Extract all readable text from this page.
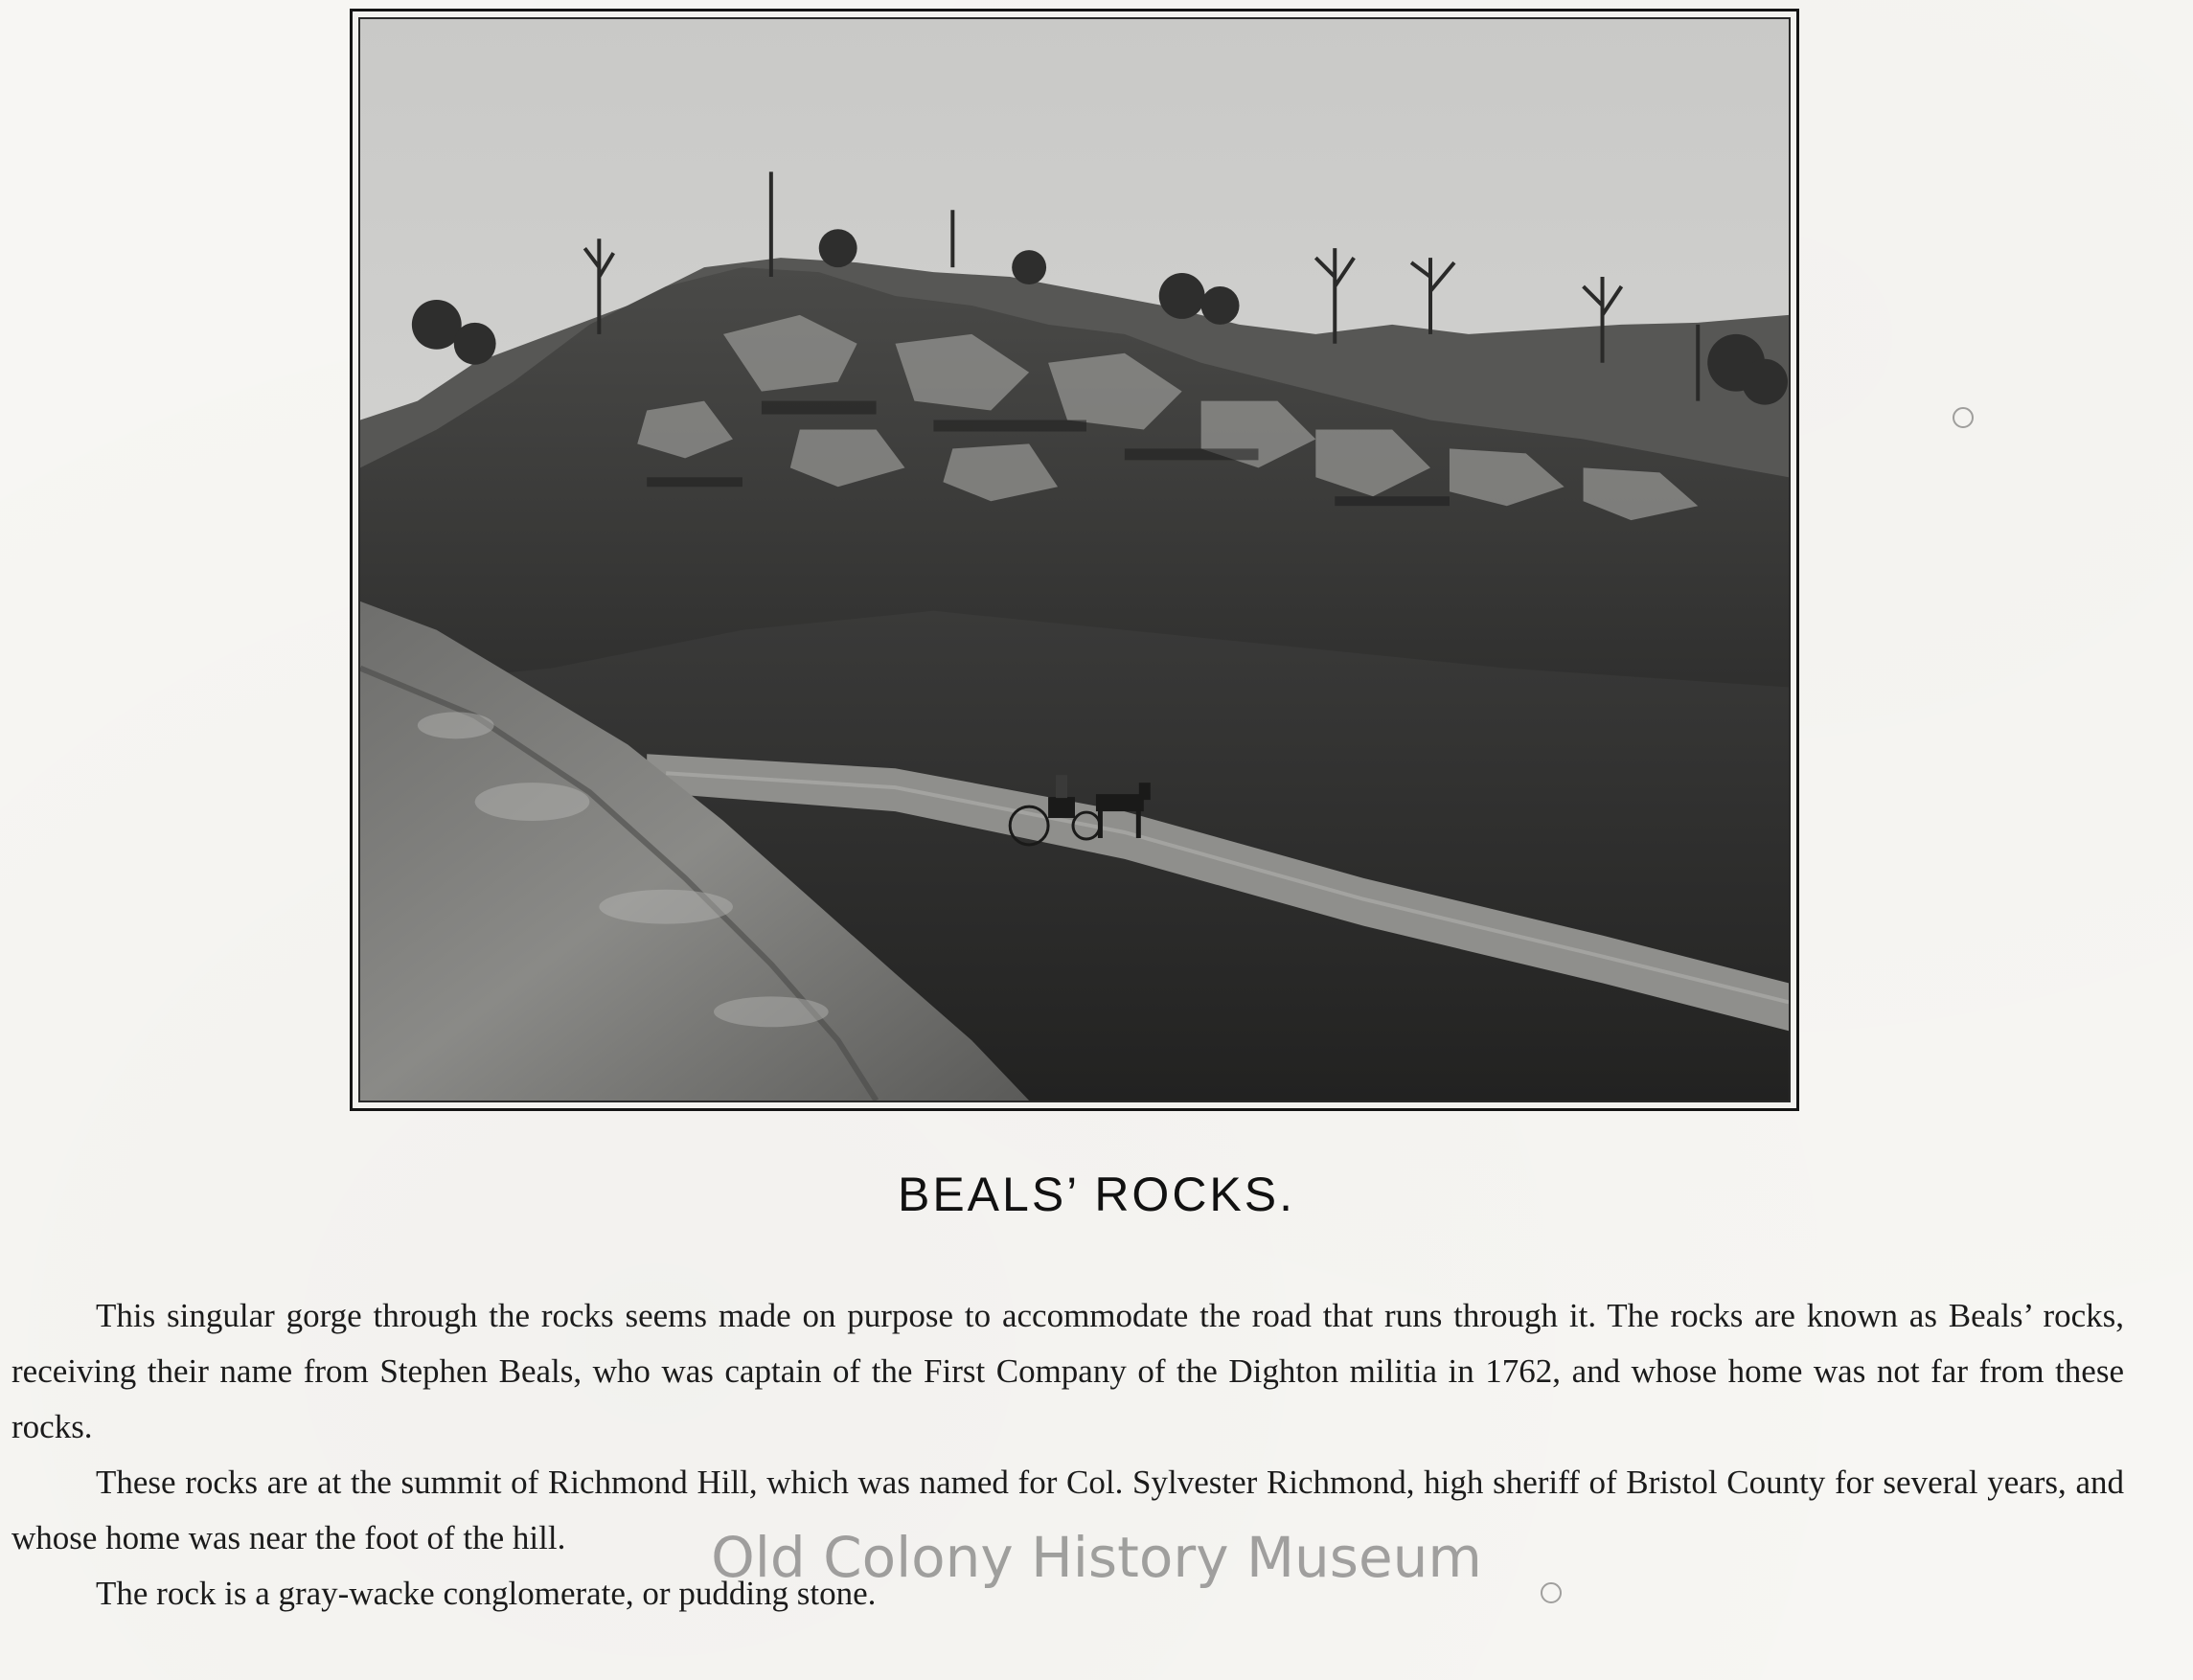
BEALS’ ROCKS.

This singular gorge through the rocks seems made on purpose to accommodate the road that runs through it. The rocks are known as Beals’ rocks, receiving their name from Stephen Beals, who was captain of the First Company of the Dighton militia in 1762, and whose home was not far from these rocks.

These rocks are at the summit of Richmond Hill, which was named for Col. Sylvester Richmond, high sheriff of Bristol County for several years, and whose home was near the foot of the hill.

The rock is a gray-wacke conglomerate, or pudding stone.

Old Colony History Museum
